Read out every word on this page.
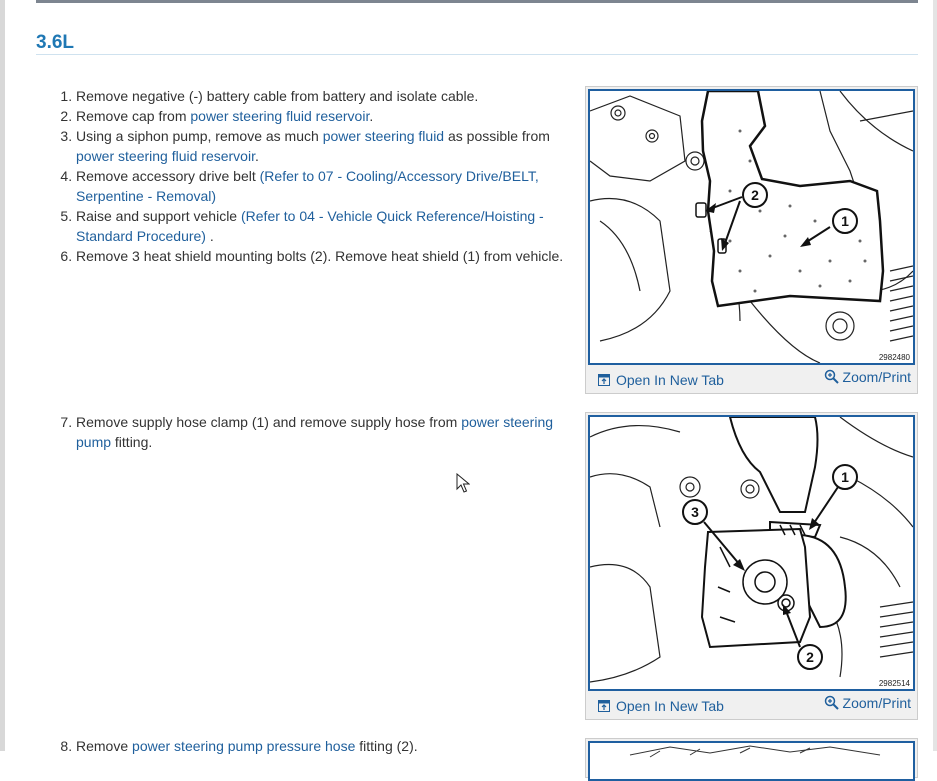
3.6L
1. Remove negative (-) battery cable from battery and isolate cable.
2. Remove cap from power steering fluid reservoir.
3. Using a siphon pump, remove as much power steering fluid as possible from power steering fluid reservoir.
4. Remove accessory drive belt (Refer to 07 - Cooling/Accessory Drive/BELT, Serpentine - Removal)
5. Raise and support vehicle (Refer to 04 - Vehicle Quick Reference/Hoisting - Standard Procedure) .
6. Remove 3 heat shield mounting bolts (2). Remove heat shield (1) from vehicle.
7. Remove supply hose clamp (1) and remove supply hose from power steering pump fitting.
8. Remove power steering pump pressure hose fitting (2).
2
1
2982480
Open In New Tab	Zoom/Print
1
3
2
2982514
Open In New Tab	Zoom/Print
